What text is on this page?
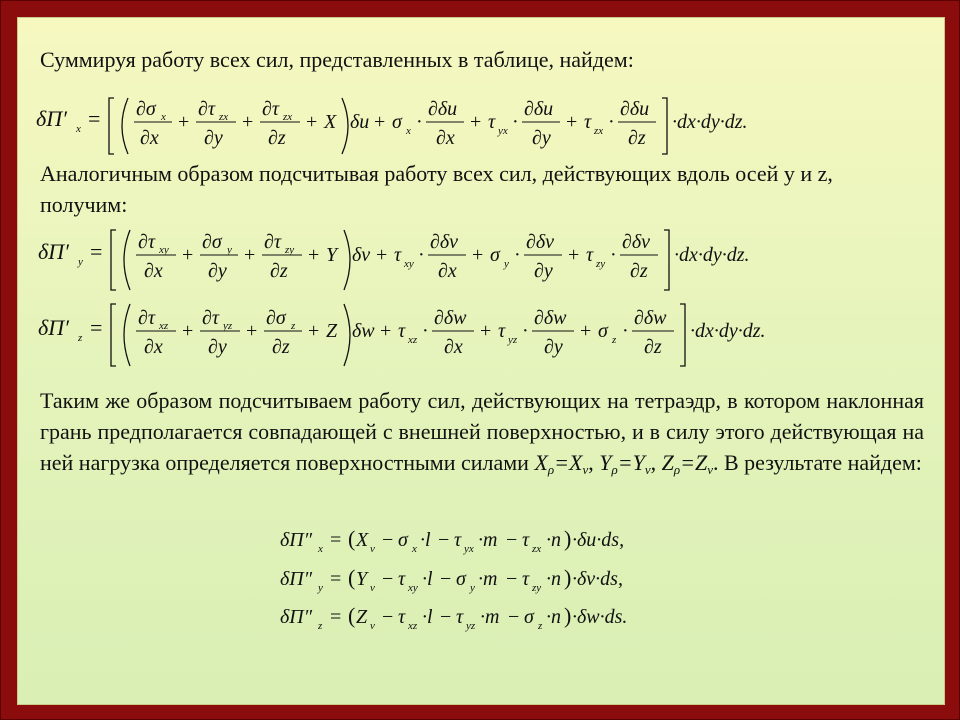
Суммируя работу всех сил, представленных в таблице, найдем:
Аналогичным образом подсчитывая работу всех сил, действующих вдоль осей y и z, получим:
Таким же образом подсчитываем работу сил, действующих на тетраэдр, в котором наклонная грань предполагается совпадающей с внешней поверхностью, и в силу этого действующая на ней нагрузка определяется поверхностными силами $X_\rho=X_\nu$, $Y_\rho=Y_\nu$, $Z_\rho=Z_\nu$. В результате найдем:
δП′ x = ∂σ x
∂x
+
∂τ zx
∂y
+
∂τ zx
∂z
+ X δu + σ x ·
∂δu
∂x
+ τ yx ·
∂δu
∂y
+ τ zx ·
∂δu
∂z
·dx·dy·dz.
δП′ y = ∂τ xy
∂x
+
∂σ y
∂y
+
∂τ zy
∂z
+ Y δv + τ xy ·
∂δv
∂x
+ σ y ·
∂δv
∂y
+ τ zy ·
∂δv
∂z
·dx·dy·dz.
δП′ z = ∂τ xz
∂x
+
∂τ yz
∂y
+
∂σ z
∂z
+ Z δw + τ xz ·
∂δw
∂x
+ τ yz ·
∂δw
∂y
+ σ z ·
∂δw
∂z
·dx·dy·dz.
δП″ x = ( X ν − σ x ·l − τ yx ·m − τ zx ·n ) ·δu·ds,
δП″ y = ( Y ν − τ xy ·l − σ y ·m − τ zy ·n ) ·δv·ds,
δП″ z = ( Z ν − τ xz ·l − τ yz ·m − σ z ·n ) ·δw·ds.
